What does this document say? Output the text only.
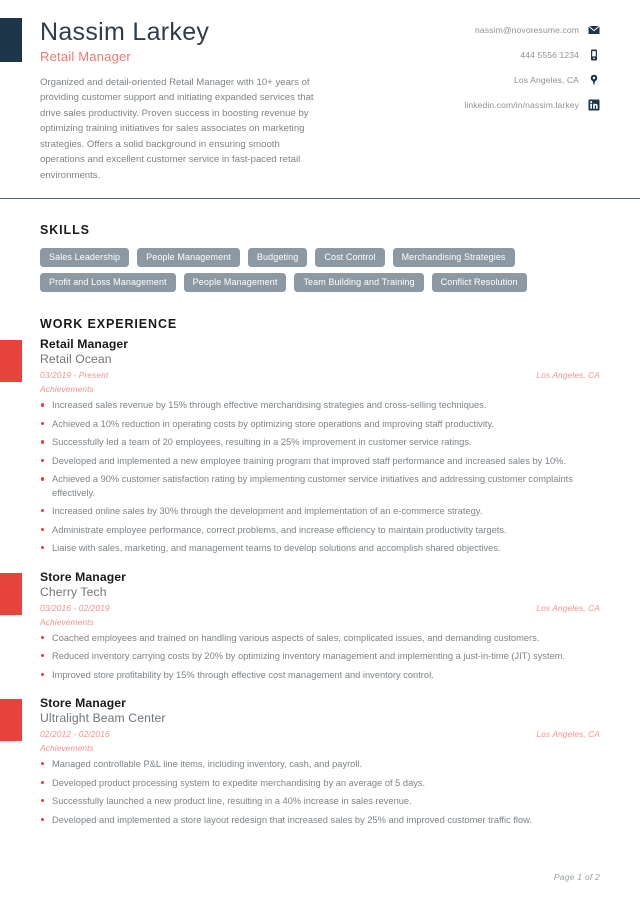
Nassim Larkey
Retail Manager
Organized and detail-oriented Retail Manager with 10+ years of providing customer support and initiating expanded services that drive sales productivity. Proven success in boosting revenue by optimizing training initiatives for sales associates on marketing strategies. Offers a solid background in ensuring smooth operations and excellent customer service in fast-paced retail environments.
nassim@novoresume.com
444 5556 1234
Los Angeles, CA
linkedin.com/in/nassim.larkey
SKILLS
Sales Leadership	People Management	Budgeting	Cost Control	Merchandising Strategies
Profit and Loss Management	People Management	Team Building and Training	Conflict Resolution
WORK EXPERIENCE
Retail Manager
Retail Ocean
03/2019 - Present	Los Angeles, CA
Achievements
Increased sales revenue by 15% through effective merchandising strategies and cross-selling techniques.
Achieved a 10% reduction in operating costs by optimizing store operations and improving staff productivity.
Successfully led a team of 20 employees, resulting in a 25% improvement in customer service ratings.
Developed and implemented a new employee training program that improved staff performance and increased sales by 10%.
Achieved a 90% customer satisfaction rating by implementing customer service initiatives and addressing customer complaints effectively.
Increased online sales by 30% through the development and implementation of an e-commerce strategy.
Administrate employee performance, correct problems, and increase efficiency to maintain productivity targets.
Liaise with sales, marketing, and management teams to develop solutions and accomplish shared objectives.
Store Manager
Cherry Tech
03/2016 - 02/2019	Los Angeles, CA
Achievements
Coached employees and trained on handling various aspects of sales, complicated issues, and demanding customers.
Reduced inventory carrying costs by 20% by optimizing inventory management and implementing a just-in-time (JIT) system.
Improved store profitability by 15% through effective cost management and inventory control.
Store Manager
Ultralight Beam Center
02/2012 - 02/2016	Los Angeles, CA
Achievements
Managed controllable P&L line items, including inventory, cash, and payroll.
Developed product processing system to expedite merchandising by an average of 5 days.
Successfully launched a new product line, resulting in a 40% increase in sales revenue.
Developed and implemented a store layout redesign that increased sales by 25% and improved customer traffic flow.
Page 1 of 2
